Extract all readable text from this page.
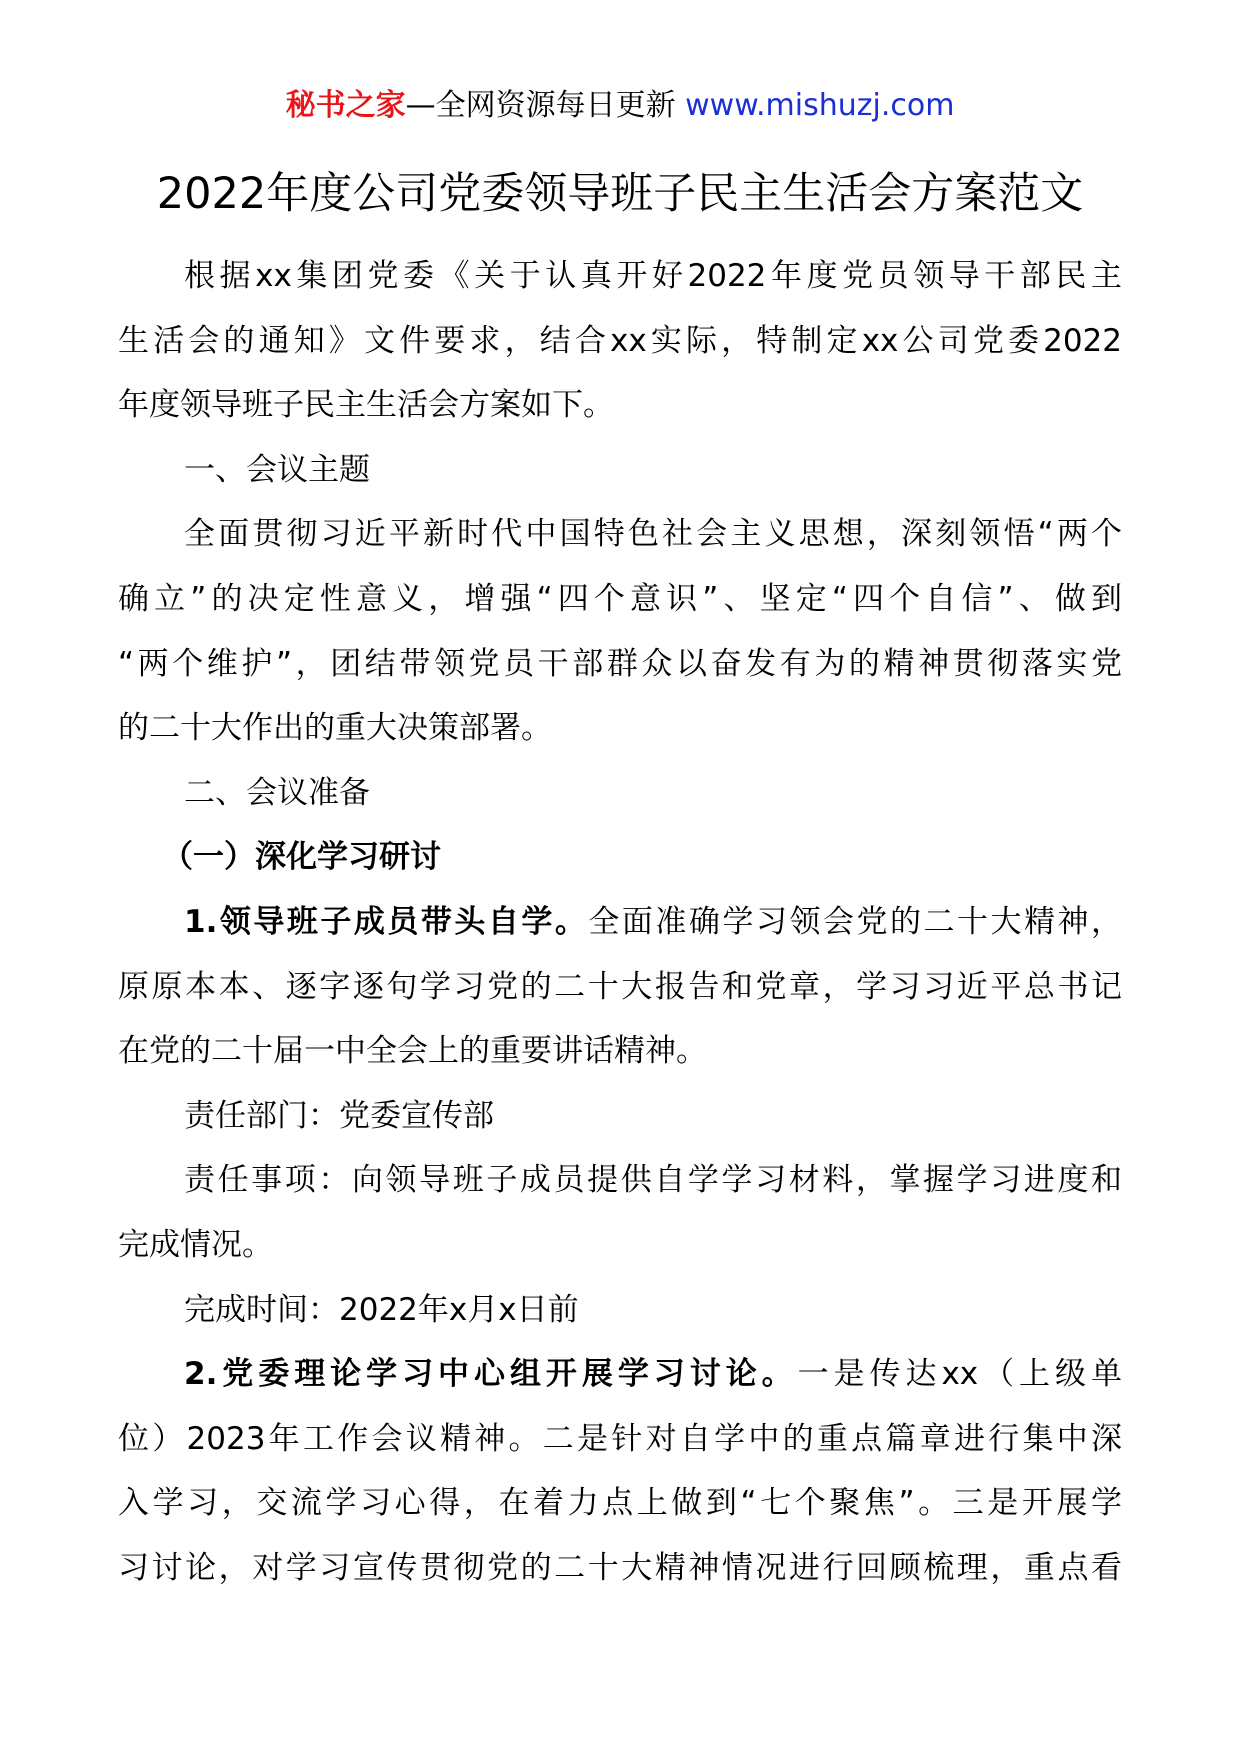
秘书之家—全网资源每日更新 www.mishuzj.com
2022年度公司党委领导班子民主生活会方案范文
根据xx集团党委《关于认真开好2022年度党员领导干部民主
生活会的通知》文件要求，结合xx实际，特制定xx公司党委2022
年度领导班子民主生活会方案如下。
一、会议主题
全面贯彻习近平新时代中国特色社会主义思想，深刻领悟“两个
确立”的决定性意义，增强“四个意识”、坚定“四个自信”、做到
“两个维护”，团结带领党员干部群众以奋发有为的精神贯彻落实党
的二十大作出的重大决策部署。
二、会议准备
（一）深化学习研讨
1.领导班子成员带头自学。全面准确学习领会党的二十大精神，
原原本本、逐字逐句学习党的二十大报告和党章，学习习近平总书记
在党的二十届一中全会上的重要讲话精神。
责任部门：党委宣传部
责任事项：向领导班子成员提供自学学习材料，掌握学习进度和
完成情况。
完成时间：2022年x月x日前
2.党委理论学习中心组开展学习讨论。一是传达xx（上级单
位）2023年工作会议精神。二是针对自学中的重点篇章进行集中深
入学习，交流学习心得，在着力点上做到“七个聚焦”。三是开展学
习讨论，对学习宣传贯彻党的二十大精神情况进行回顾梳理，重点看
